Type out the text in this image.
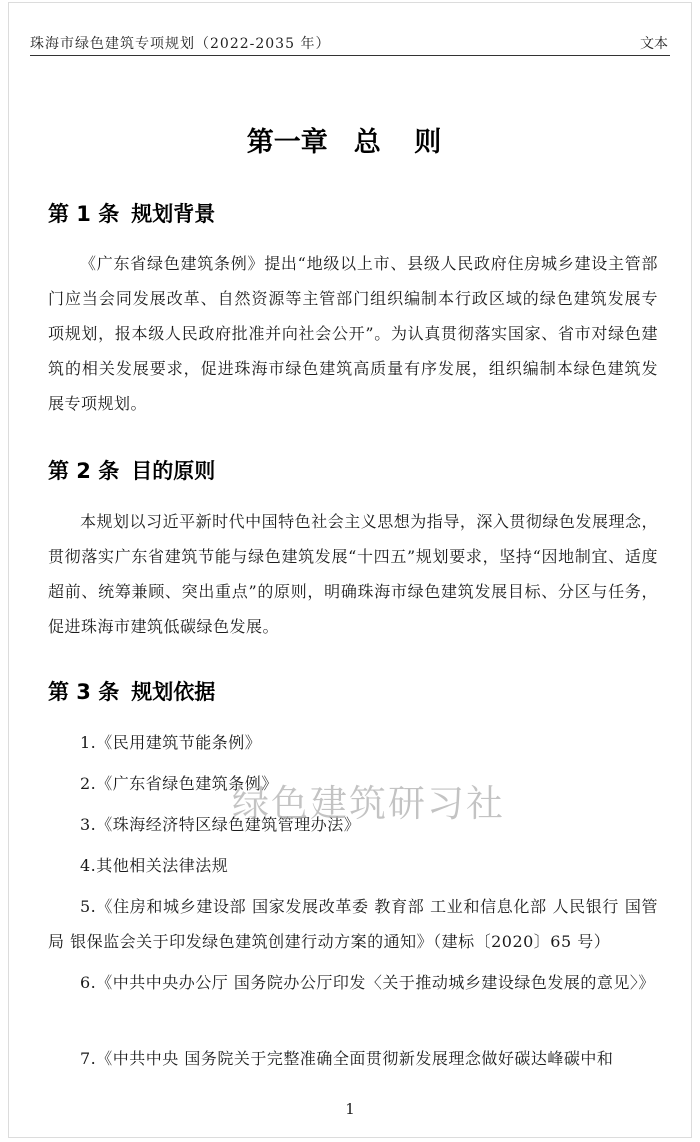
珠海市绿色建筑专项规划（2022-2035 年）	文本
第一章 总 则
第 1 条 规划背景
《广东省绿色建筑条例》提出“地级以上市、县级人民政府住房城乡建设主管部门应当会同发展改革、自然资源等主管部门组织编制本行政区域的绿色建筑发展专项规划，报本级人民政府批准并向社会公开”。为认真贯彻落实国家、省市对绿色建筑的相关发展要求，促进珠海市绿色建筑高质量有序发展，组织编制本绿色建筑发展专项规划。
第 2 条 目的原则
本规划以习近平新时代中国特色社会主义思想为指导，深入贯彻绿色发展理念，贯彻落实广东省建筑节能与绿色建筑发展“十四五”规划要求，坚持“因地制宜、适度超前、统筹兼顾、突出重点”的原则，明确珠海市绿色建筑发展目标、分区与任务，促进珠海市建筑低碳绿色发展。
第 3 条 规划依据
1.《民用建筑节能条例》
2.《广东省绿色建筑条例》
3.《珠海经济特区绿色建筑管理办法》
4.其他相关法律法规
5.《住房和城乡建设部 国家发展改革委 教育部 工业和信息化部 人民银行 国管局 银保监会关于印发绿色建筑创建行动方案的通知》（建标〔2020〕65 号）
6.《中共中央办公厅 国务院办公厅印发〈关于推动城乡建设绿色发展的意见〉》
7.《中共中央 国务院关于完整准确全面贯彻新发展理念做好碳达峰碳中和
绿色建筑研习社
1
